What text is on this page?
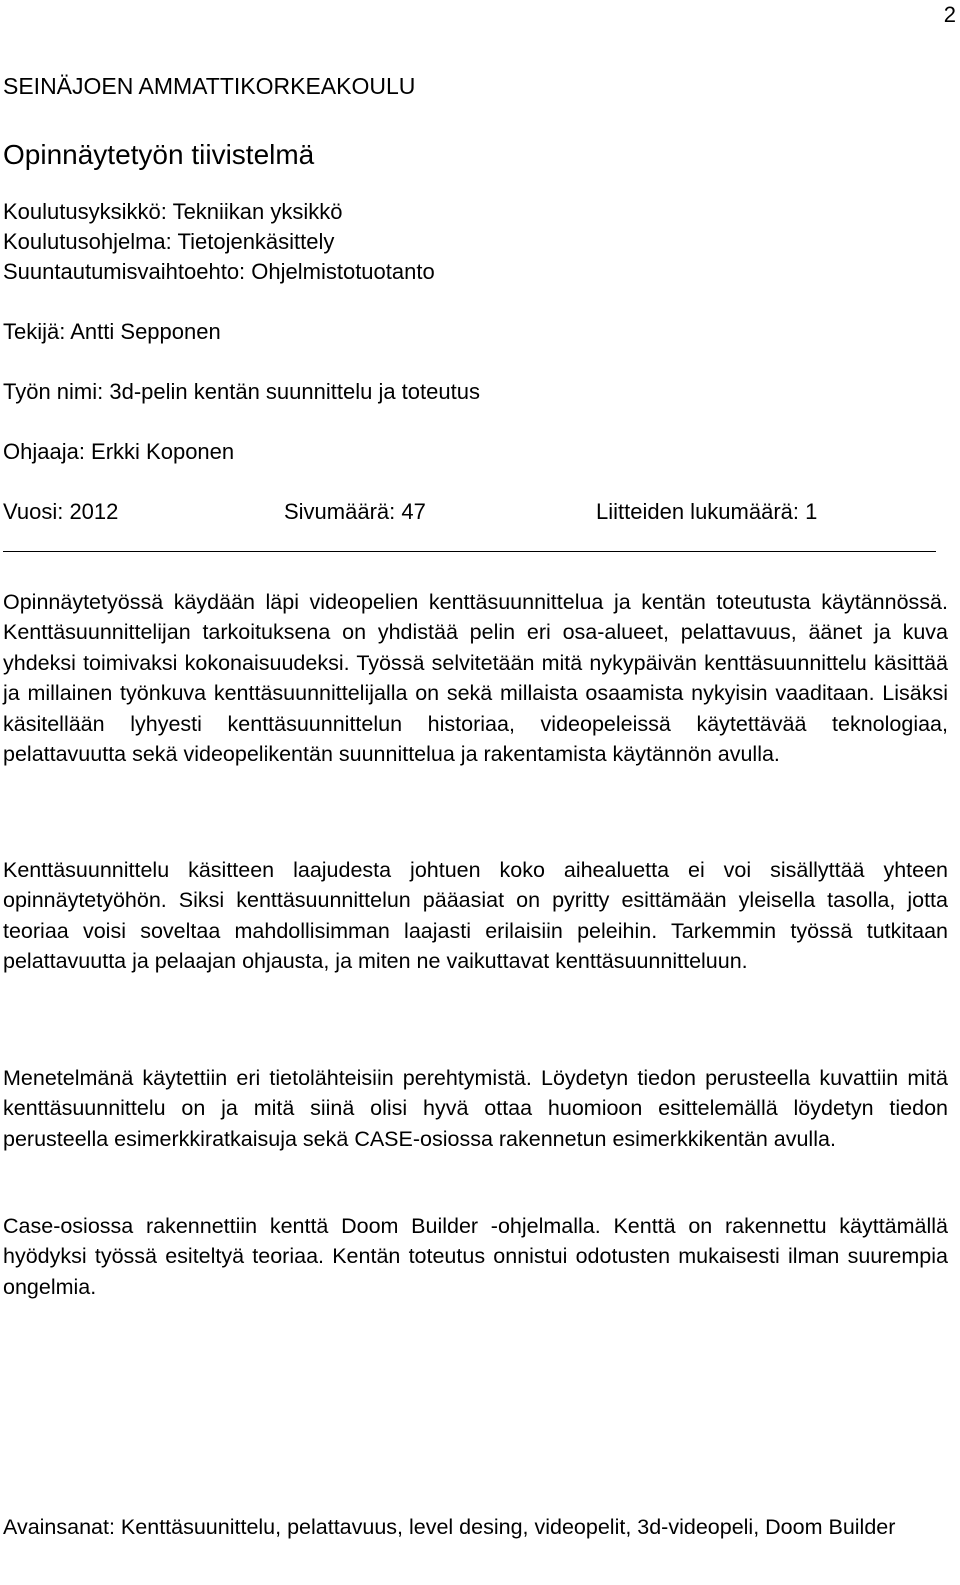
2
SEINÄJOEN AMMATTIKORKEAKOULU
Opinnäytetyön tiivistelmä
Koulutusyksikkö: Tekniikan yksikkö
Koulutusohjelma: Tietojenkäsittely
Suuntautumisvaihtoehto: Ohjelmistotuotanto
Tekijä: Antti Sepponen
Työn nimi: 3d-pelin kentän suunnittelu ja toteutus
Ohjaaja: Erkki Koponen
Vuosi: 2012	Sivumäärä: 47	Liitteiden lukumäärä: 1

Opinnäytetyössä käydään läpi videopelien kenttäsuunnittelua ja kentän toteutusta käytännössä. Kenttäsuunnittelijan tarkoituksena on yhdistää pelin eri osa-alueet, pelattavuus, äänet ja kuva yhdeksi toimivaksi kokonaisuudeksi. Työssä selvitetään mitä nykypäivän kenttäsuunnittelu käsittää ja millainen työnkuva kenttäsuunnittelijalla on sekä millaista osaamista nykyisin vaaditaan. Lisäksi käsitellään lyhyesti kenttäsuunnittelun historiaa, videopeleissä käytettävää teknologiaa, pelattavuutta sekä videopelikentän suunnittelua ja rakentamista käytännön avulla.

Kenttäsuunnittelu käsitteen laajudesta johtuen koko aihealuetta ei voi sisällyttää yhteen opinnäytetyöhön. Siksi kenttäsuunnittelun pääasiat on pyritty esittämään yleisella tasolla, jotta teoriaa voisi soveltaa mahdollisimman laajasti erilaisiin peleihin. Tarkemmin työssä tutkitaan pelattavuutta ja pelaajan ohjausta, ja miten ne vaikuttavat kenttäsuunnitteluun.

Menetelmänä käytettiin eri tietolähteisiin perehtymistä. Löydetyn tiedon perusteella kuvattiin mitä kenttäsuunnittelu on ja mitä siinä olisi hyvä ottaa huomioon esittelemällä löydetyn tiedon perusteella esimerkkiratkaisuja sekä CASE-osiossa rakennetun esimerkkikentän avulla.

Case-osiossa rakennettiin kenttä Doom Builder -ohjelmalla. Kenttä on rakennettu käyttämällä hyödyksi työssä esiteltyä teoriaa. Kentän toteutus onnistui odotusten mukaisesti ilman suurempia ongelmia.

Avainsanat: Kenttäsuunittelu, pelattavuus, level desing, videopelit, 3d-videopeli, Doom Builder
